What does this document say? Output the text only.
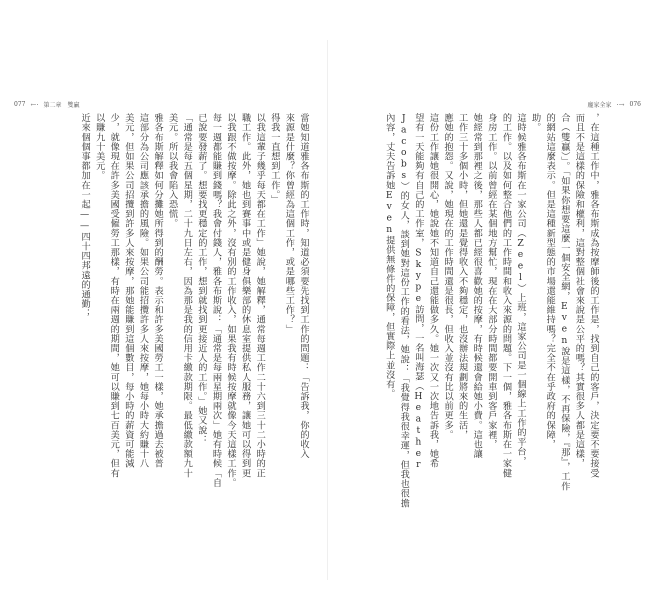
077 ←· 第二章　雙贏
當她知道雅各布斯的工作時，知道必須要先找到工作的問題：「告訴我，你的收入
來源是什麼？你曾經為這個工作，或是哪些工作？」
得我一直想到工作。」
以我這輩子幾乎每天都在工作」她說，她解釋，通常每週工作二十六到三十二小時的正
職工作。此外，她也到賽事中或是健身俱樂部的休息室提供私人服務，讓她可以得到更
以我跟不做按摩。除此之外，沒有別的工作收入，如果我有時候按摩就像今天這樣工作。
每一週都能賺到錢嗎？我會付錢人，雅各布斯說：「通常是每兩星期兩次」她有時候「自
已說要發薪了。想要找更穩定的工作，想到就找到更接近人的工作。」她又說：
「通常是每五個星期，二十九日左右，因為那是我的信用卡繳款期限。最低繳款額九十
美元。所以我會陷入恐慌。
雅各布斯解釋如何分攤她所得到的酬勞。表示和許多美國勞工一樣，她承擔過去被普
這部分為公司應該承擔的風險。如果公司能招攬許多人來按摩，她每小時大約賺十八
美元，但如果公司招攬到許多人來按摩，那她能賺到這個數目，每小時的薪資可能減
少，就像現在許多美國受僱勞工那樣，有時在兩週的期間，她可以賺到七百美元，但有
以賺九十美元。
近來個個事都加在一起——四十四邦遠的通勤；
龐家全家 ·→ 076
，在這種工作中，雅各布斯成為按摩師後的工作是，找到自己的客戶，決定要不要接受
而且不是這樣的保險和權利，這對整個社會來說是公平的嗎？其實很多人都是這樣，
合（雙贏）」。「如果你想要這麼一個安全網，Even說是這樣，不再保險，『那』，工作
的網站這麼表示。但是這種新型態的市場還能維持嗎？完全不在乎政府的保障，
助。
這時候雅各布斯在一家公司（Zeel）上班，這家公司是一個線上工作的平台，
的工作。以及如何整合他們的工作時間和收入來源的問題。下一個，雅各布斯在一家健
身房工作。以前曾經在某個地方幫忙，現在在大部分時間都要開車到客戶家裡，
她經常到那裡之後，那些人都已經很喜歡她的按摩，有時候還會給她小費。這也讓
工作三十多個小時，但她還是覺得收入不夠穩定，也沒辦法規劃將來的生活，
應她的抱怨。又說，她現在的工作時間還是很長，但收入並沒有比以前更多。
這份工作讓她很開心，她說她不知道自己還能做多久。她一次又一次地告訴我，她希
望有一天能夠有自己的工作室，Skype訪問，一名叫海瑟（Heather
Jacobs）的女人，談到她對這份工作的看法，她說：「我覺得我很幸運，但我也很擔
內容，丈夫告訴她Even提供無條件的保障，但實際上並沒有。
